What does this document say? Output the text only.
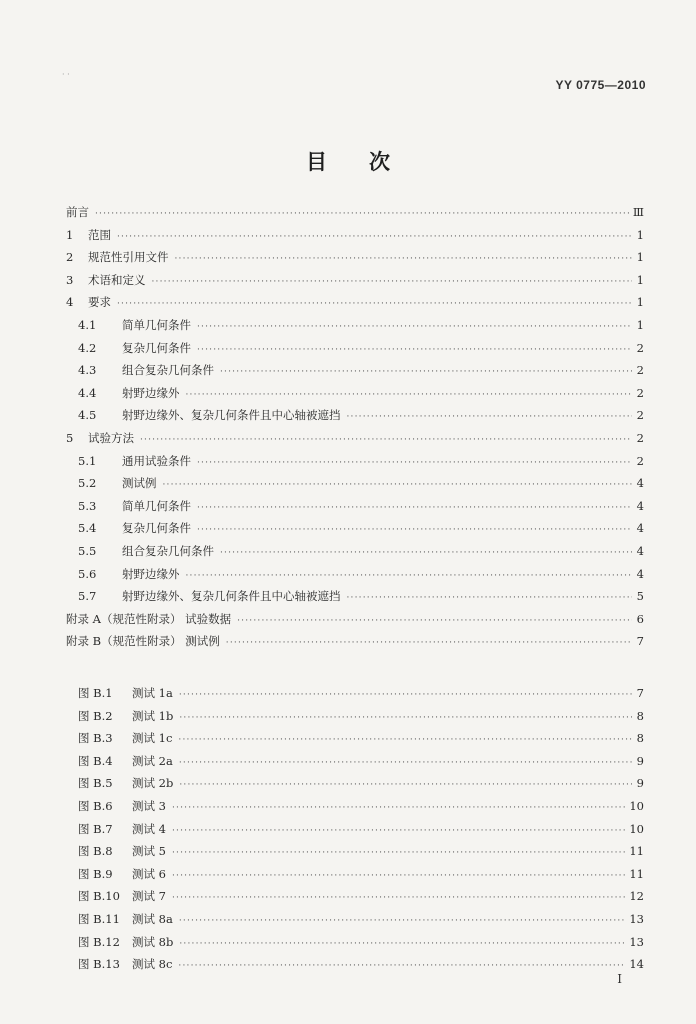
· ·
YY 0775—2010
目次
前言 ·····	Ⅲ
1	范围 ·····	1
2	规范性引用文件 ·····	1
3	术语和定义 ·····	1
4	要求 ·····	1
4.1	简单几何条件 ·····	1
4.2	复杂几何条件 ·····	2
4.3	组合复杂几何条件 ·····	2
4.4	射野边缘外 ·····	2
4.5	射野边缘外、复杂几何条件且中心轴被遮挡 ·····	2
5	试验方法 ·····	2
5.1	通用试验条件 ·····	2
5.2	测试例 ·····	4
5.3	简单几何条件 ·····	4
5.4	复杂几何条件 ·····	4
5.5	组合复杂几何条件 ·····	4
5.6	射野边缘外 ·····	4
5.7	射野边缘外、复杂几何条件且中心轴被遮挡 ·····	5
附录 A（规范性附录） 试验数据 ·····	6
附录 B（规范性附录） 测试例 ·····	7
图 B.1	测试 1a ·····	7
图 B.2	测试 1b ·····	8
图 B.3	测试 1c ·····	8
图 B.4	测试 2a ·····	9
图 B.5	测试 2b ·····	9
图 B.6	测试 3 ·····	10
图 B.7	测试 4 ·····	10
图 B.8	测试 5 ·····	11
图 B.9	测试 6 ·····	11
图 B.10	测试 7 ·····	12
图 B.11	测试 8a ·····	13
图 B.12	测试 8b ·····	13
图 B.13	测试 8c ·····	14
I
